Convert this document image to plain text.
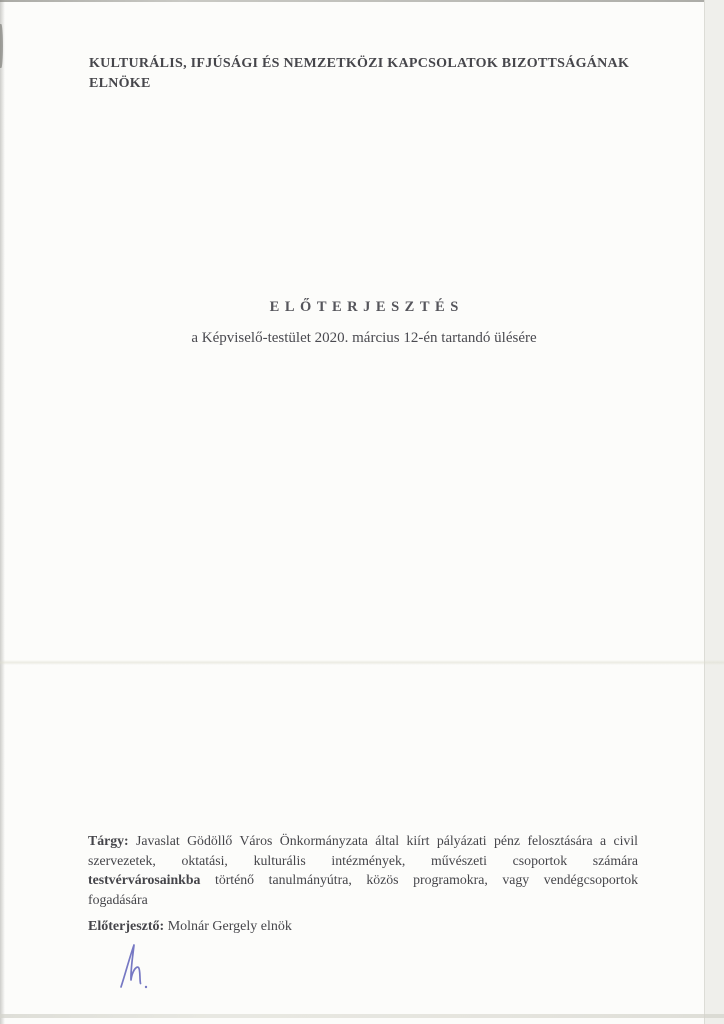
KULTURÁLIS, IFJÚSÁGI ÉS NEMZETKÖZI KAPCSOLATOK BIZOTTSÁGÁNAK
ELNÖKE
ELŐTERJESZTÉS
a Képviselő-testület 2020. március 12-én tartandó ülésére
Tárgy: Javaslat Gödöllő Város Önkormányzata által kiírt pályázati pénz felosztására a civil
szervezetek, oktatási, kulturális intézmények, művészeti csoportok számára
testvérvárosainkba történő tanulmányútra, közös programokra, vagy vendégcsoportok
fogadására
Előterjesztő: Molnár Gergely elnök
